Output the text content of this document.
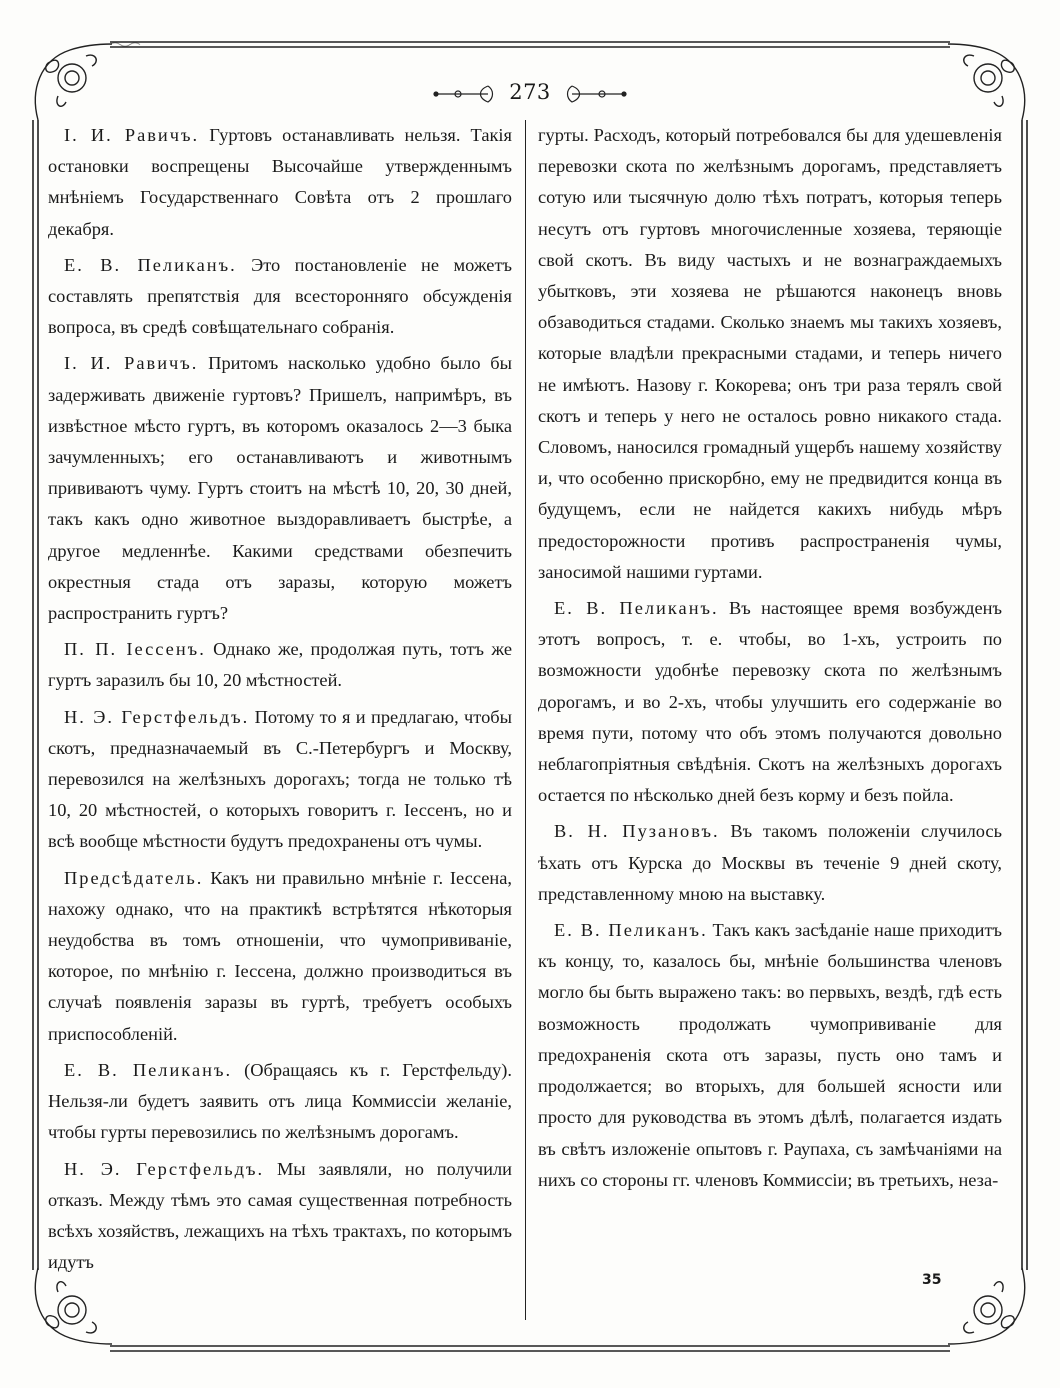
273

І. И. Равичъ. Гуртовъ останавливать нельзя. Такія остановки воспрещены Высочайше утвержденнымъ мнѣніемъ Государственнаго Совѣта отъ 2 прошлаго декабря.

Е. В. Пеликанъ. Это постановленіе не можетъ составлять препятствія для всесторонняго обсужденія вопроса, въ средѣ совѣщательнаго собранія.

І. И. Равичъ. Притомъ насколько удобно было бы задерживать движеніе гуртовъ? Пришелъ, напримѣръ, въ извѣстное мѣсто гуртъ, въ которомъ оказалось 2—3 быка зачумленныхъ; его останавливаютъ и животнымъ прививаютъ чуму. Гуртъ стоитъ на мѣстѣ 10, 20, 30 дней, такъ какъ одно животное выздоравливаетъ быстрѣе, а другое медленнѣе. Какими средствами обезпечить окрестныя стада отъ заразы, которую можетъ распространить гуртъ?

П. П. Іессенъ. Однако же, продолжая путь, тотъ же гуртъ заразилъ бы 10, 20 мѣстностей.

Н. Э. Герстфельдъ. Потому то я и предлагаю, чтобы скотъ, предназначаемый въ С.-Петербургъ и Москву, перевозился на желѣзныхъ дорогахъ; тогда не только тѣ 10, 20 мѣстностей, о которыхъ говоритъ г. Іессенъ, но и всѣ вообще мѣстности будутъ предохранены отъ чумы.

Предсѣдатель. Какъ ни правильно мнѣніе г. Іессена, нахожу однако, что на практикѣ встрѣтятся нѣкоторыя неудобства въ томъ отношеніи, что чумопрививаніе, которое, по мнѣнію г. Іессена, должно производиться въ случаѣ появленія заразы въ гуртѣ, требуетъ особыхъ приспособленій.

Е. В. Пеликанъ. (Обращаясь къ г. Герстфельду). Нельзя-ли будетъ заявить отъ лица Коммиссіи желаніе, чтобы гурты перевозились по желѣзнымъ дорогамъ.

Н. Э. Герстфельдъ. Мы заявляли, но получили отказъ. Между тѣмъ это самая существенная потребность всѣхъ хозяйствъ, лежащихъ на тѣхъ трактахъ, по которымъ идутъ

гурты. Расходъ, который потребовался бы для удешевленія перевозки скота по желѣзнымъ дорогамъ, представляетъ сотую или тысячную долю тѣхъ потратъ, которыя теперь несутъ отъ гуртовъ многочисленные хозяева, теряющіе свой скотъ. Въ виду частыхъ и не вознаграждаемыхъ убытковъ, эти хозяева не рѣшаются наконецъ вновь обзаводиться стадами. Сколько знаемъ мы такихъ хозяевъ, которые владѣли прекрасными стадами, и теперь ничего не имѣютъ. Назову г. Кокорева; онъ три раза терялъ свой скотъ и теперь у него не осталось ровно никакого стада. Словомъ, наносился громадный ущербъ нашему хозяйству и, что особенно прискорбно, ему не предвидится конца въ будущемъ, если не найдется какихъ нибудь мѣръ предосторожности противъ распространенія чумы, заносимой нашими гуртами.

Е. В. Пеликанъ. Въ настоящее время возбужденъ этотъ вопросъ, т. е. чтобы, во 1-хъ, устроить по возможности удобнѣе перевозку скота по желѣзнымъ дорогамъ, и во 2-хъ, чтобы улучшить его содержаніе во время пути, потому что объ этомъ получаются довольно неблагопріятныя свѣдѣнія. Скотъ на желѣзныхъ дорогахъ остается по нѣсколько дней безъ корму и безъ пойла.

В. Н. Пузановъ. Въ такомъ положеніи случилось ѣхать отъ Курска до Москвы въ теченіе 9 дней скоту, представленному мною на выставку.

Е. В. Пеликанъ. Такъ какъ засѣданіе наше приходитъ къ концу, то, казалось бы, мнѣніе большинства членовъ могло бы быть выражено такъ: во первыхъ, вездѣ, гдѣ есть возможность продолжать чумопрививаніе для предохраненія скота отъ заразы, пусть оно тамъ и продолжается; во вторыхъ, для большей ясности или просто для руководства въ этомъ дѣлѣ, полагается издать въ свѣтъ изложеніе опытовъ г. Раупаха, съ замѣчаніями на нихъ со стороны гг. членовъ Коммиссіи; въ третьихъ, неза-

35
